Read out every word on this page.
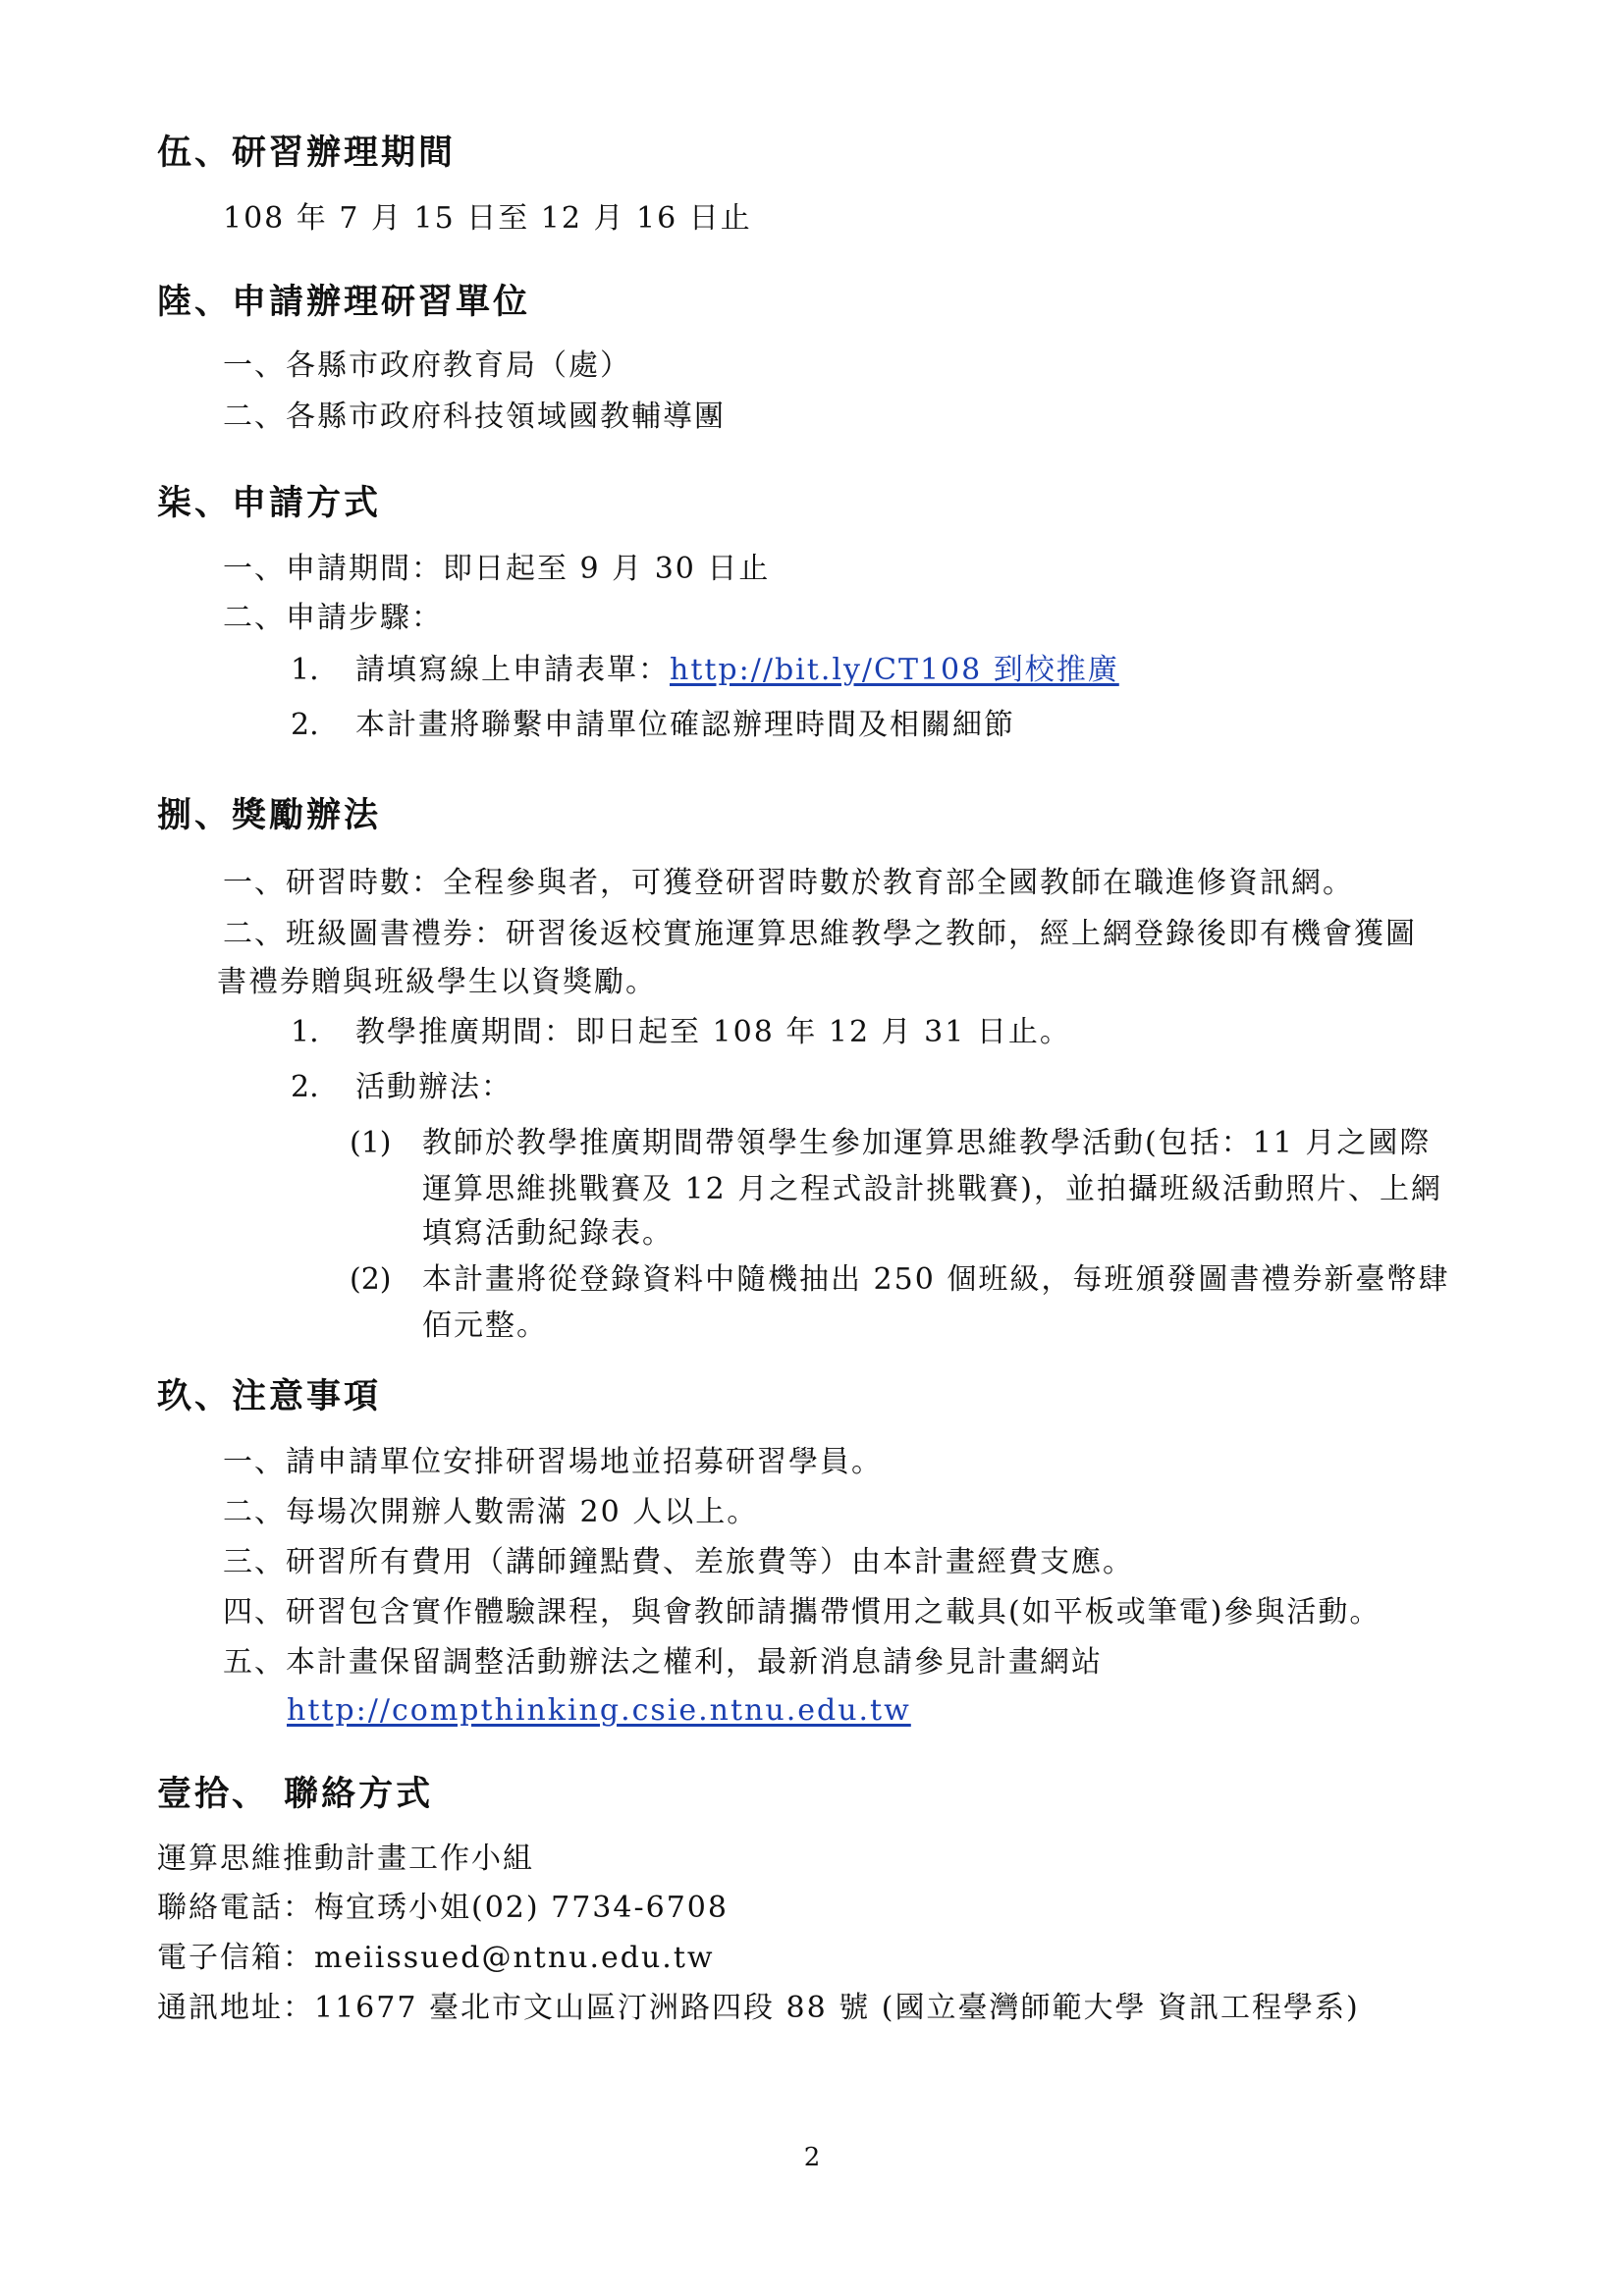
伍、研習辦理期間
108 年 7 月 15 日至 12 月 16 日止
陸、申請辦理研習單位
一、各縣市政府教育局（處）
二、各縣市政府科技領域國教輔導團
柒、申請方式
一、申請期間：即日起至 9 月 30 日止
二、申請步驟：
1. 請填寫線上申請表單：http://bit.ly/CT108 到校推廣
2. 本計畫將聯繫申請單位確認辦理時間及相關細節
捌、獎勵辦法
一、研習時數：全程參與者，可獲登研習時數於教育部全國教師在職進修資訊網。
二、班級圖書禮券：研習後返校實施運算思維教學之教師，經上網登錄後即有機會獲圖
書禮券贈與班級學生以資獎勵。
1. 教學推廣期間：即日起至 108 年 12 月 31 日止。
2. 活動辦法：
(1) 教師於教學推廣期間帶領學生參加運算思維教學活動(包括：11 月之國際
運算思維挑戰賽及 12 月之程式設計挑戰賽)，並拍攝班級活動照片、上網
填寫活動紀錄表。
(2) 本計畫將從登錄資料中隨機抽出 250 個班級，每班頒發圖書禮券新臺幣肆
佰元整。
玖、注意事項
一、請申請單位安排研習場地並招募研習學員。
二、每場次開辦人數需滿 20 人以上。
三、研習所有費用（講師鐘點費、差旅費等）由本計畫經費支應。
四、研習包含實作體驗課程，與會教師請攜帶慣用之載具(如平板或筆電)參與活動。
五、本計畫保留調整活動辦法之權利，最新消息請參見計畫網站
http://compthinking.csie.ntnu.edu.tw
壹拾、 聯絡方式
運算思維推動計畫工作小組
聯絡電話：梅宜琇小姐(02) 7734-6708
電子信箱：meiissued@ntnu.edu.tw
通訊地址：11677 臺北市文山區汀洲路四段 88 號 (國立臺灣師範大學 資訊工程學系)
2
